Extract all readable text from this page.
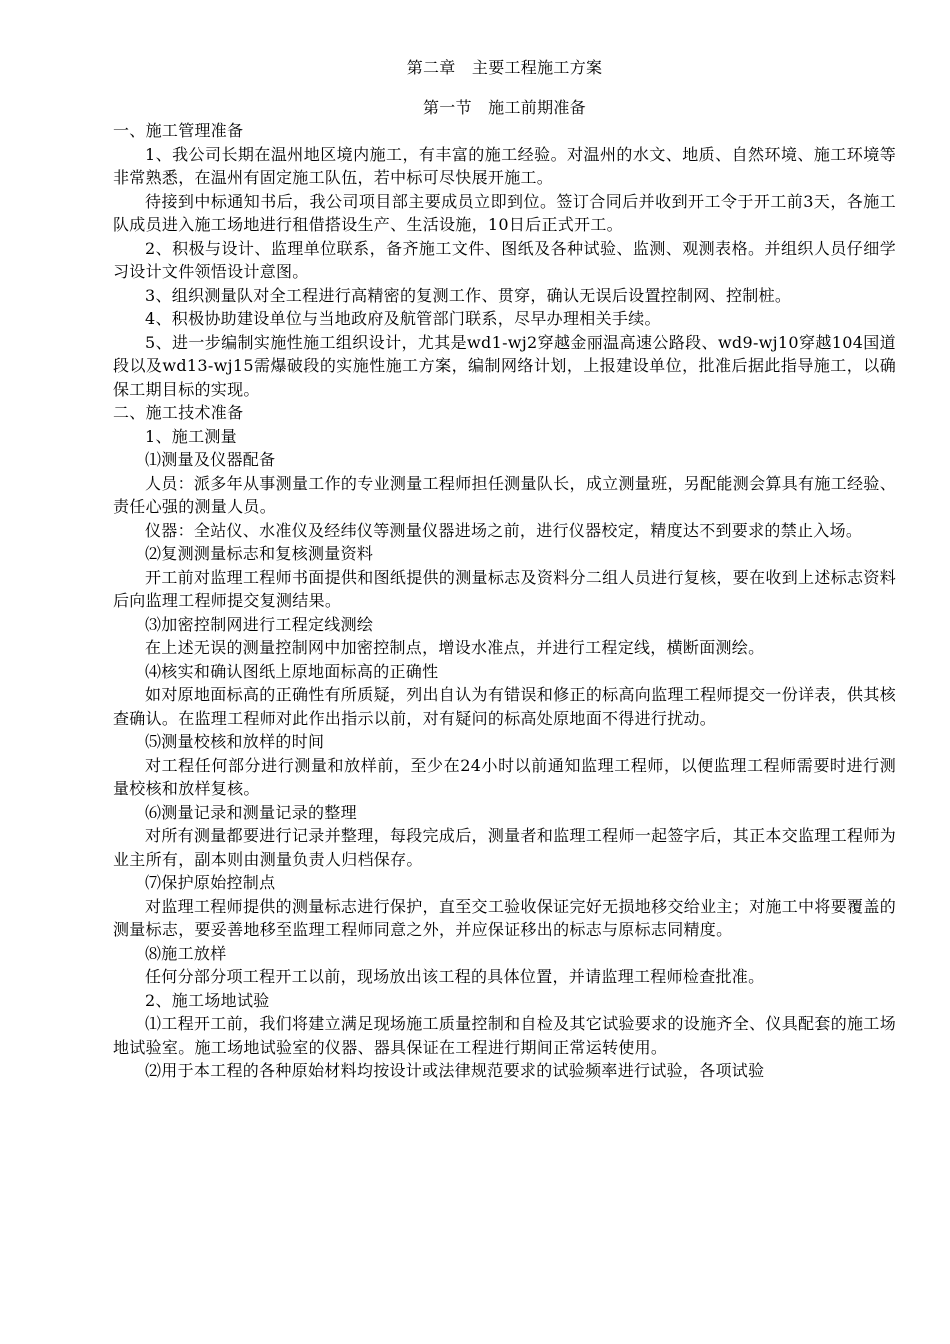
第二章　主要工程施工方案

第一节　施工前期准备

一、施工管理准备

1、我公司长期在温州地区境内施工，有丰富的施工经验。对温州的水文、地质、自然环境、施工环境等非常熟悉，在温州有固定施工队伍，若中标可尽快展开施工。

待接到中标通知书后，我公司项目部主要成员立即到位。签订合同后并收到开工令于开工前3天，各施工队成员进入施工场地进行租借搭设生产、生活设施，10日后正式开工。

2、积极与设计、监理单位联系，备齐施工文件、图纸及各种试验、监测、观测表格。并组织人员仔细学习设计文件领悟设计意图。

3、组织测量队对全工程进行高精密的复测工作、贯穿，确认无误后设置控制网、控制桩。

4、积极协助建设单位与当地政府及航管部门联系，尽早办理相关手续。

5、进一步编制实施性施工组织设计，尤其是wd1-wj2穿越金丽温高速公路段、wd9-wj10穿越104国道段以及wd13-wj15需爆破段的实施性施工方案，编制网络计划，上报建设单位，批准后据此指导施工，以确保工期目标的实现。

二、施工技术准备

1、施工测量

⑴测量及仪器配备

人员：派多年从事测量工作的专业测量工程师担任测量队长，成立测量班，另配能测会算具有施工经验、责任心强的测量人员。

仪器：全站仪、水准仪及经纬仪等测量仪器进场之前，进行仪器校定，精度达不到要求的禁止入场。

⑵复测测量标志和复核测量资料

开工前对监理工程师书面提供和图纸提供的测量标志及资料分二组人员进行复核，要在收到上述标志资料后向监理工程师提交复测结果。

⑶加密控制网进行工程定线测绘

在上述无误的测量控制网中加密控制点，增设水准点，并进行工程定线，横断面测绘。

⑷核实和确认图纸上原地面标高的正确性

如对原地面标高的正确性有所质疑，列出自认为有错误和修正的标高向监理工程师提交一份详表，供其核查确认。在监理工程师对此作出指示以前，对有疑问的标高处原地面不得进行扰动。

⑸测量校核和放样的时间

对工程任何部分进行测量和放样前，至少在24小时以前通知监理工程师，以便监理工程师需要时进行测量校核和放样复核。

⑹测量记录和测量记录的整理

对所有测量都要进行记录并整理，每段完成后，测量者和监理工程师一起签字后，其正本交监理工程师为业主所有，副本则由测量负责人归档保存。

⑺保护原始控制点

对监理工程师提供的测量标志进行保护，直至交工验收保证完好无损地移交给业主；对施工中将要覆盖的测量标志，要妥善地移至监理工程师同意之外，并应保证移出的标志与原标志同精度。

⑻施工放样

任何分部分项工程开工以前，现场放出该工程的具体位置，并请监理工程师检查批准。

2、施工场地试验

⑴工程开工前，我们将建立满足现场施工质量控制和自检及其它试验要求的设施齐全、仪具配套的施工场地试验室。施工场地试验室的仪器、器具保证在工程进行期间正常运转使用。

⑵用于本工程的各种原始材料均按设计或法律规范要求的试验频率进行试验，各项试验
